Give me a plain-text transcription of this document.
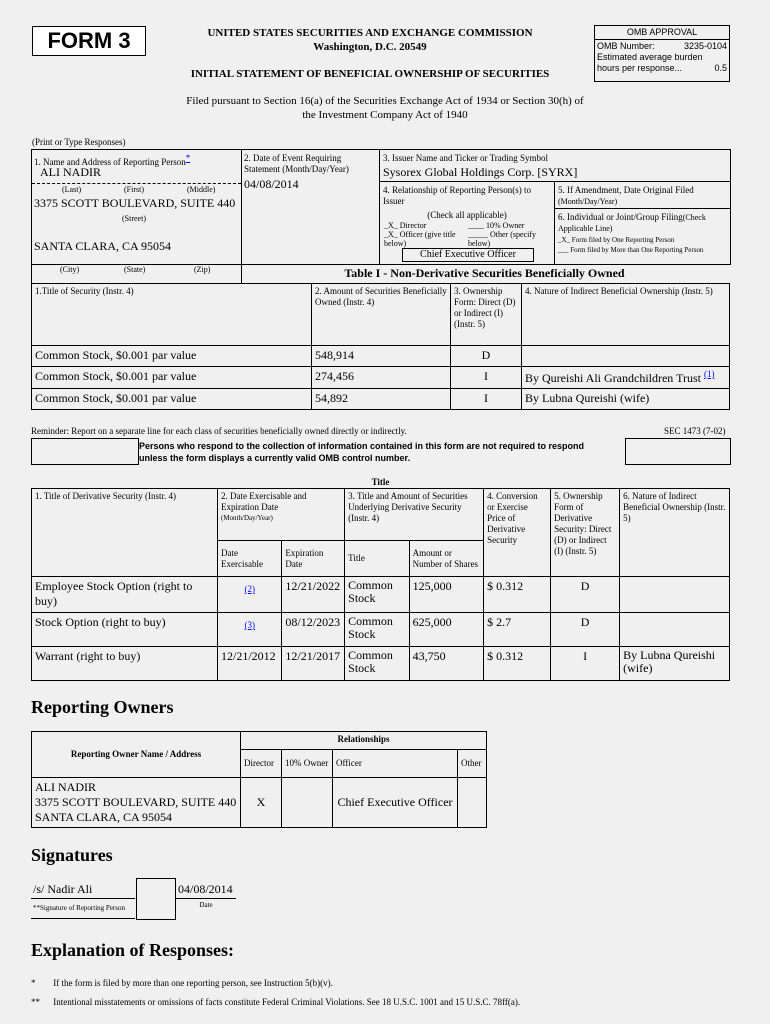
FORM 3	UNITED STATES SECURITIES AND EXCHANGE COMMISSION
Washington, D.C. 20549
INITIAL STATEMENT OF BENEFICIAL OWNERSHIP OF SECURITIES
OMB APPROVAL
OMB Number:	3235-0104
Estimated average burden
hours per response...	0.5
Filed pursuant to Section 16(a) of the Securities Exchange Act of 1934 or Section 30(h) of
the Investment Company Act of 1940
(Print or Type Responses)
1. Name and Address of Reporting Person*
ALI NADIR
(Last)	(First)	(Middle)
3375 SCOTT BOULEVARD, SUITE 440
(Street)
SANTA CLARA, CA 95054
2. Date of Event Requiring Statement (Month/Day/Year)
04/08/2014
3. Issuer Name and Ticker or Trading Symbol
Sysorex Global Holdings Corp. [SYRX]
4. Relationship of Reporting Person(s) to Issuer
(Check all applicable)
_X_ Director	____ 10% Owner
_X_ Officer (give title below)
_____ Other (specify below)
Chief Executive Officer
5. If Amendment, Date Original Filed (Month/Day/Year)
6. Individual or Joint/Group Filing(Check Applicable Line)
_X_ Form filed by One Reporting Person
___ Form filed by More than One Reporting Person
(City)	(State)	(Zip)	Table I - Non-Derivative Securities Beneficially Owned
1.Title of Security (Instr. 4)	2. Amount of Securities Beneficially Owned (Instr. 4)	3. Ownership Form: Direct (D) or Indirect (I) (Instr. 5)	4. Nature of Indirect Beneficial Ownership (Instr. 5)
Common Stock, $0.001 par value	548,914	D	
Common Stock, $0.001 par value	274,456	I	By Qureishi Ali Grandchildren Trust $^{(1)}$
Common Stock, $0.001 par value	54,892	I	By Lubna Qureishi (wife)
Reminder: Report on a separate line for each class of securities beneficially owned directly or indirectly.	SEC 1473 (7-02)
Persons who respond to the collection of information contained in this form are not required to respond
unless the form displays a currently valid OMB control number.
Title
1. Title of Derivative Security (Instr. 4)	2. Date Exercisable and Expiration Date
(Month/Day/Year)		3. Title and Amount of Securities Underlying Derivative Security (Instr. 4)		4. Conversion or Exercise Price of Derivative Security	5. Ownership Form of Derivative Security: Direct (D) or Indirect (I) (Instr. 5)	6. Nature of Indirect Beneficial Ownership (Instr. 5)
	Date Exercisable	Expiration Date	Title	Amount or Number of Shares			
Employee Stock Option (right to buy)	(2)	12/21/2022	Common Stock	125,000	$ 0.312	D	
Stock Option (right to buy)	(3)	08/12/2023	Common Stock	625,000	$ 2.7	D	
Warrant (right to buy)	12/21/2012	12/21/2017	Common Stock	43,750	$ 0.312	I	By Lubna Qureishi (wife)
Reporting Owners
Reporting Owner Name / Address	Relationships			
	Director	10% Owner	Officer	Other

ALI NADIR
3375 SCOTT BOULEVARD, SUITE 440
SANTA CLARA, CA 95054	X		Chief Executive Officer	
Signatures
/s/ Nadir Ali
**Signature of Reporting Person
04/08/2014
Date
Explanation of Responses:
* If the form is filed by more than one reporting person, see Instruction 5(b)(v).
** Intentional misstatements or omissions of facts constitute Federal Criminal Violations. See 18 U.S.C. 1001 and 15 U.S.C. 78ff(a).
